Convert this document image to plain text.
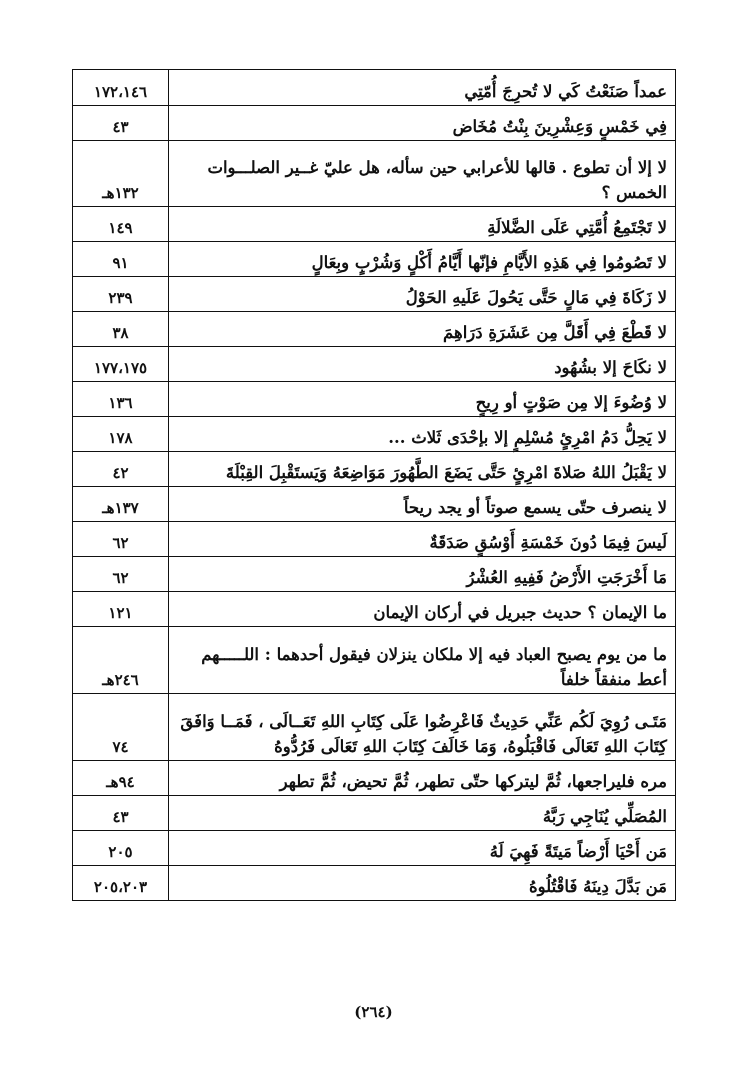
عمداً صَنَعْتُ كَي لا تُحرِجَ أُمّتِي	١٧٢،١٤٦
فِي خَمْسٍ وَعِشْرِينَ بِنْتُ مُخَاض	٤٣
لا إلا أن تطوع . قالها للأعرابي حين سأله، هل عليّ غــير الصلـــوات الخمس ؟	١٣٢هـ
لا تَجْتَمِعُ أُمَّتِي عَلَى الضَّلالَةِ	١٤٩
لا تَصُومُوا فِي هَذِهِ الأَيَّامِ فإنّها أَيَّامُ أَكْلٍ وَشُرْبٍ وبِعَالٍ	٩١
لا زَكَاةَ فِي مَالٍ حَتَّى يَحُولَ عَلَيهِ الحَوْلُ	٢٣٩
لا قَطْعَ فِي أَقَلَّ مِن عَشَرَةِ دَرَاهِمَ	٣٨
لا نكَاحَ إلا بشُهُود	١٧٧،١٧٥
لا وُضُوءَ إلا مِن صَوْتٍ أو رِيحٍ	١٣٦
لا يَحِلُّ دَمُ امْرِئٍ مُسْلِمٍ إلا بإحْدَى ثَلاث ...	١٧٨
لا يَقْبَلُ اللهُ صَلاةَ امْرِئٍ حَتَّى يَضَعَ الطَّهُورَ مَوَاضِعَهُ وَيَستَقْبِلَ القِبْلَةَ	٤٢
لا ينصرف حتّى يسمع صوتاً أو يجد ريحاً	١٣٧هـ
لَيسَ فِيمَا دُونَ خَمْسَةِ أَوْسُقٍ صَدَقَةٌ	٦٢
مَا أَخْرَجَتِ الأَرْضُ فَفِيهِ العُشْرُ	٦٢
ما الإيمان ؟ حديث جبريل في أركان الإيمان	١٢١
ما من يوم يصبح العباد فيه إلا ملكان ينزلان فيقول أحدهما : اللـــــهم أعط منفقاً خلفاً	٢٤٦هـ
مَتَـى رُوِيَ لَكُم عَنِّي حَدِيثٌ فَاعْرِضُوا عَلَى كِتَابِ اللهِ تَعَــالَى ، فَمَــا وَافَقَ كِتَابَ اللهِ تَعَالَى فَاقْبَلُوهُ، وَمَا خَالَفَ كِتَابَ اللهِ تَعَالَى فَرُدُّوهُ	٧٤
مره فليراجعها، ثُمَّ ليتركها حتّى تطهر، ثُمَّ تحيض، ثُمَّ تطهر	٩٤هـ
المُصَلِّي يُنَاجِي رَبَّهُ	٤٣
مَن أَحْيَا أَرْضاً مَيتَةً فَهِيَ لَهُ	٢٠٥
مَن بَدَّلَ دِينَهُ فَاقْتُلُوهُ	٢٠٥،٢٠٣
(٢٦٤)
